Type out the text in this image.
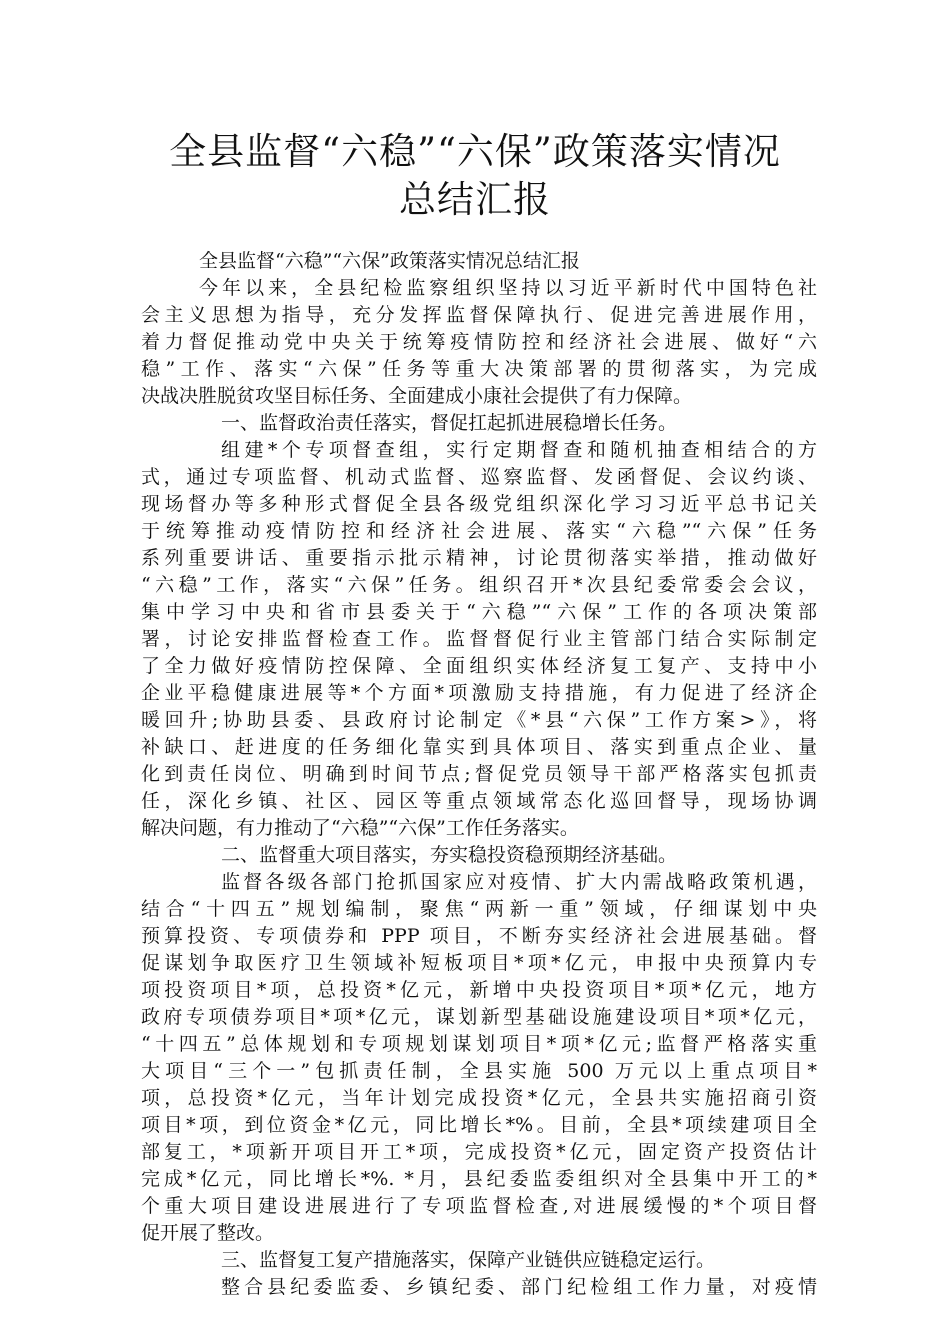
全县监督“六稳”“六保”政策落实情况
总结汇报
全县监督“六稳”“六保”政策落实情况总结汇报
今年以来，全县纪检监察组织坚持以习近平新时代中国特色社
会主义思想为指导，充分发挥监督保障执行、促进完善进展作用，
着力督促推动党中央关于统筹疫情防控和经济社会进展、做好“六
稳”工作、落实“六保”任务等重大决策部署的贯彻落实，为完成
决战决胜脱贫攻坚目标任务、全面建成小康社会提供了有力保障。
一、监督政治责任落实，督促扛起抓进展稳增长任务。
组建*个专项督查组，实行定期督查和随机抽查相结合的方
式，通过专项监督、机动式监督、巡察监督、发函督促、会议约谈、
现场督办等多种形式督促全县各级党组织深化学习习近平总书记关
于统筹推动疫情防控和经济社会进展、落实“六稳”“六保”任务
系列重要讲话、重要指示批示精神，讨论贯彻落实举措，推动做好
“六稳”工作，落实“六保”任务。组织召开*次县纪委常委会会议，
集中学习中央和省市县委关于“六稳”“六保”工作的各项决策部
署，讨论安排监督检查工作。监督督促行业主管部门结合实际制定
了全力做好疫情防控保障、全面组织实体经济复工复产、支持中小
企业平稳健康进展等*个方面*项激励支持措施，有力促进了经济企
暖回升;协助县委、县政府讨论制定《*县“六保”工作方案>》，将
补缺口、赶进度的任务细化靠实到具体项目、落实到重点企业、量
化到责任岗位、明确到时间节点;督促党员领导干部严格落实包抓责
任，深化乡镇、社区、园区等重点领域常态化巡回督导，现场协调
解决问题，有力推动了“六稳”“六保”工作任务落实。
二、监督重大项目落实，夯实稳投资稳预期经济基础。
监督各级各部门抢抓国家应对疫情、扩大内需战略政策机遇，
结合“十四五”规划编制，聚焦“两新一重”领域，仔细谋划中央
预算投资、专项债券和 PPP 项目，不断夯实经济社会进展基础。督
促谋划争取医疗卫生领域补短板项目*项*亿元，申报中央预算内专
项投资项目*项，总投资*亿元，新增中央投资项目*项*亿元，地方
政府专项债券项目*项*亿元，谋划新型基础设施建设项目*项*亿元，
“十四五”总体规划和专项规划谋划项目*项*亿元;监督严格落实重
大项目“三个一”包抓责任制，全县实施 500 万元以上重点项目*
项，总投资*亿元，当年计划完成投资*亿元，全县共实施招商引资
项目*项，到位资金*亿元，同比增长*%。目前，全县*项续建项目全
部复工，*项新开项目开工*项，完成投资*亿元，固定资产投资估计
完成*亿元，同比增长*%. *月，县纪委监委组织对全县集中开工的*
个重大项目建设进展进行了专项监督检查,对进展缓慢的*个项目督
促开展了整改。
三、监督复工复产措施落实，保障产业链供应链稳定运行。
整合县纪委监委、乡镇纪委、部门纪检组工作力量，对疫情
